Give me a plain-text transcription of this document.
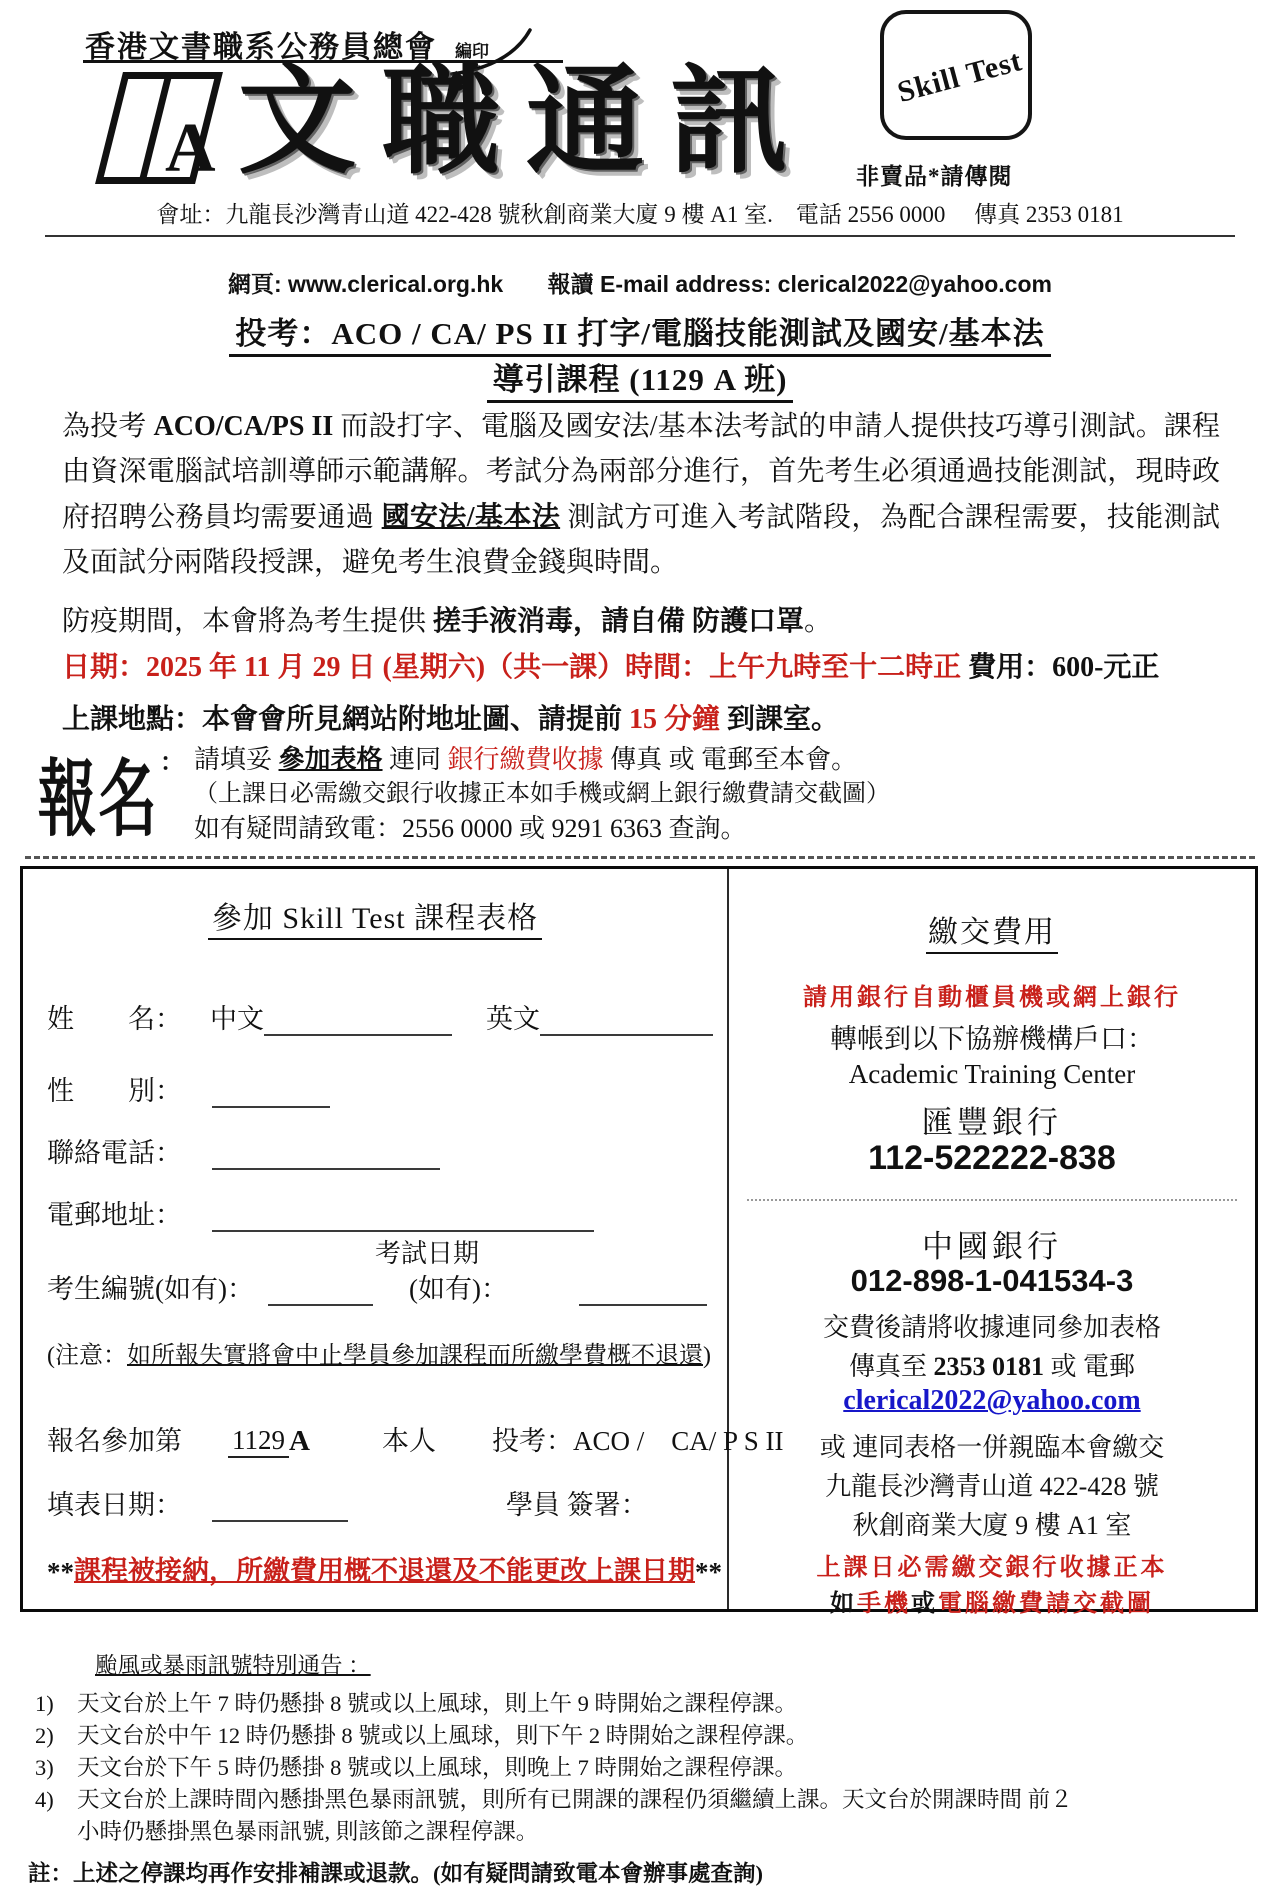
香港文書職系公務員總會 編印
A 文職通訊	Skill Test
非賣品*請傳閱
會址：九龍長沙灣青山道 422-428 號秋創商業大廈 9 樓 A1 室.　電話 2556 0000　 傳真 2353 0181
網頁: www.clerical.org.hk 報讀 E-mail address: clerical2022@yahoo.com
投考：ACO / CA/ PS II 打字/電腦技能測試及國安/基本法
導引課程 (1129 A 班)

為投考 ACO/CA/PS II 而設打字、電腦及國安法/基本法考試的申請人提供技巧導引測試。課程由資深電腦試培訓導師示範講解。考試分為兩部分進行，首先考生必須通過技能測試，現時政府招聘公務員均需要通過 國安法/基本法 測試方可進入考試階段，為配合課程需要，技能測試及面試分兩階段授課，避免考生浪費金錢與時間。

防疫期間，本會將為考生提供 搓手液消毒，請自備 防護口罩。

日期：2025 年 11 月 29 日 (星期六)（共一課）時間：上午九時至十二時正 費用：600-元正
上課地點：本會會所見網站附地址圖、請提前 15 分鐘 到課室。
報名 ： 請填妥 參加表格 連同 銀行繳費收據 傳真 或 電郵至本會。
（上課日必需繳交銀行收據正本如手機或網上銀行繳費請交截圖）
如有疑問請致電：2556 0000 或 9291 6363 查詢。
參加 Skill Test 課程表格
姓　　名： 中文	英文
性　　別：
聯絡電話：
電郵地址：
考試日期
考生編號(如有)：	(如有)：
(注意： 如所報失實將會中止學員參加課程而所繳學費概不退還 )
報名參加第 1129 A	本人 投考：ACO /　CA/ P S II
填表日期：	學員 簽署：
** 課程被接納，所繳費用概不退還及不能更改上課日期 **
繳交費用
請用銀行自動櫃員機或網上銀行
轉帳到以下協辦機構戶口：
Academic Training Center
匯豐銀行
112-522222-838
中國銀行
012-898-1-041534-3
交費後請將收據連同參加表格
傳真至 2353 0181 或 電郵
clerical2022@yahoo.com
或 連同表格一併親臨本會繳交
九龍長沙灣青山道 422-428 號
秋創商業大廈 9 樓 A1 室
上課日必需繳交銀行收據正本
如手機或電腦繳費請交截圖
颱風或暴雨訊號特別通告 ：
1)	天文台於上午 7 時仍懸掛 8 號或以上風球，則上午 9 時開始之課程停課。
2)	天文台於中午 12 時仍懸掛 8 號或以上風球，則下午 2 時開始之課程停課。
3)	天文台於下午 5 時仍懸掛 8 號或以上風球，則晚上 7 時開始之課程停課。
4)	天文台於上課時間內懸掛黑色暴雨訊號，則所有已開課的課程仍須繼續上課。天文台於開課時間 前２小時仍懸掛黑色暴雨訊號, 則該節之課程停課。
註：上述之停課均再作安排補課或退款。(如有疑問請致電本會辦事處查詢)
